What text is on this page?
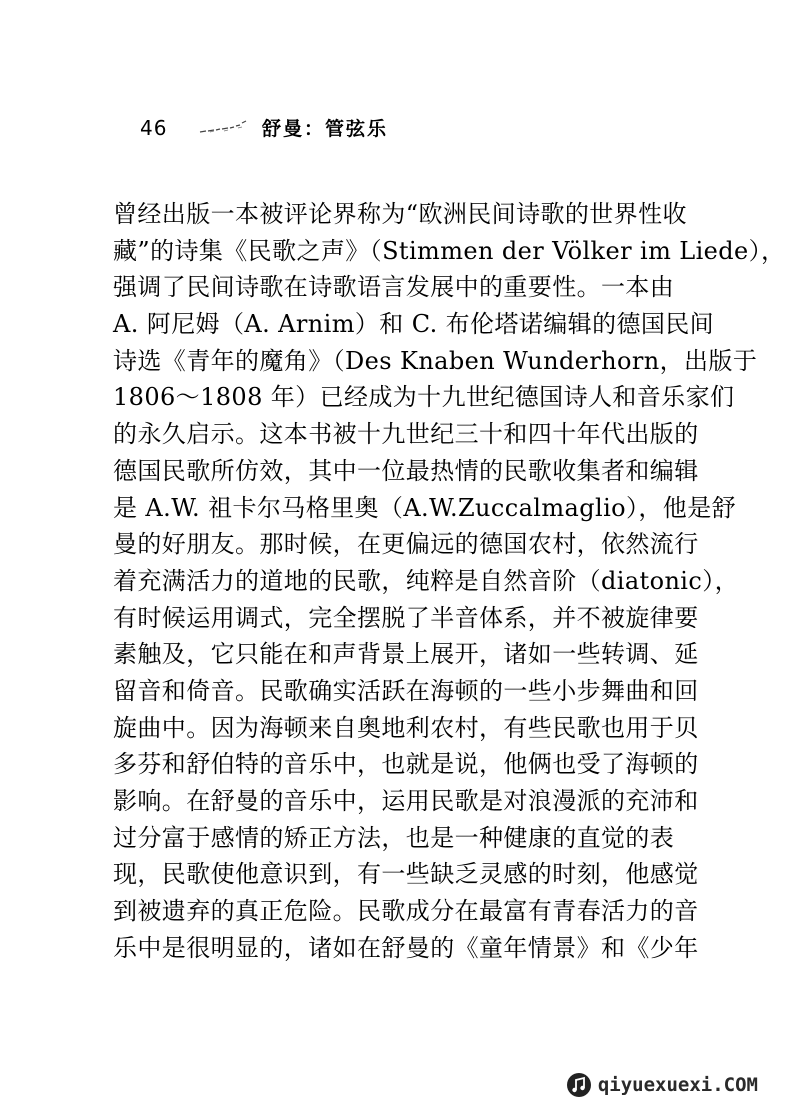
46	舒曼：管弦乐
曾经出版一本被评论界称为“欧洲民间诗歌的世界性收
藏”的诗集《民歌之声》（Stimmen der Völker im Liede），
强调了民间诗歌在诗歌语言发展中的重要性。一本由
A. 阿尼姆（A. Arnim）和 C. 布伦塔诺编辑的德国民间
诗选《青年的魔角》（Des Knaben Wunderhorn，出版于
1806～1808 年）已经成为十九世纪德国诗人和音乐家们
的永久启示。这本书被十九世纪三十和四十年代出版的
德国民歌所仿效，其中一位最热情的民歌收集者和编辑
是 A.W. 祖卡尔马格里奥（A.W.Zuccalmaglio），他是舒
曼的好朋友。那时候，在更偏远的德国农村，依然流行
着充满活力的道地的民歌，纯粹是自然音阶（diatonic），
有时候运用调式，完全摆脱了半音体系，并不被旋律要
素触及，它只能在和声背景上展开，诸如一些转调、延
留音和倚音。民歌确实活跃在海顿的一些小步舞曲和回
旋曲中。因为海顿来自奥地利农村，有些民歌也用于贝
多芬和舒伯特的音乐中，也就是说，他俩也受了海顿的
影响。在舒曼的音乐中，运用民歌是对浪漫派的充沛和
过分富于感情的矫正方法，也是一种健康的直觉的表
现，民歌使他意识到，有一些缺乏灵感的时刻，他感觉
到被遗弃的真正危险。民歌成分在最富有青春活力的音
乐中是很明显的，诸如在舒曼的《童年情景》和《少年
qiyuexuexi.COM
